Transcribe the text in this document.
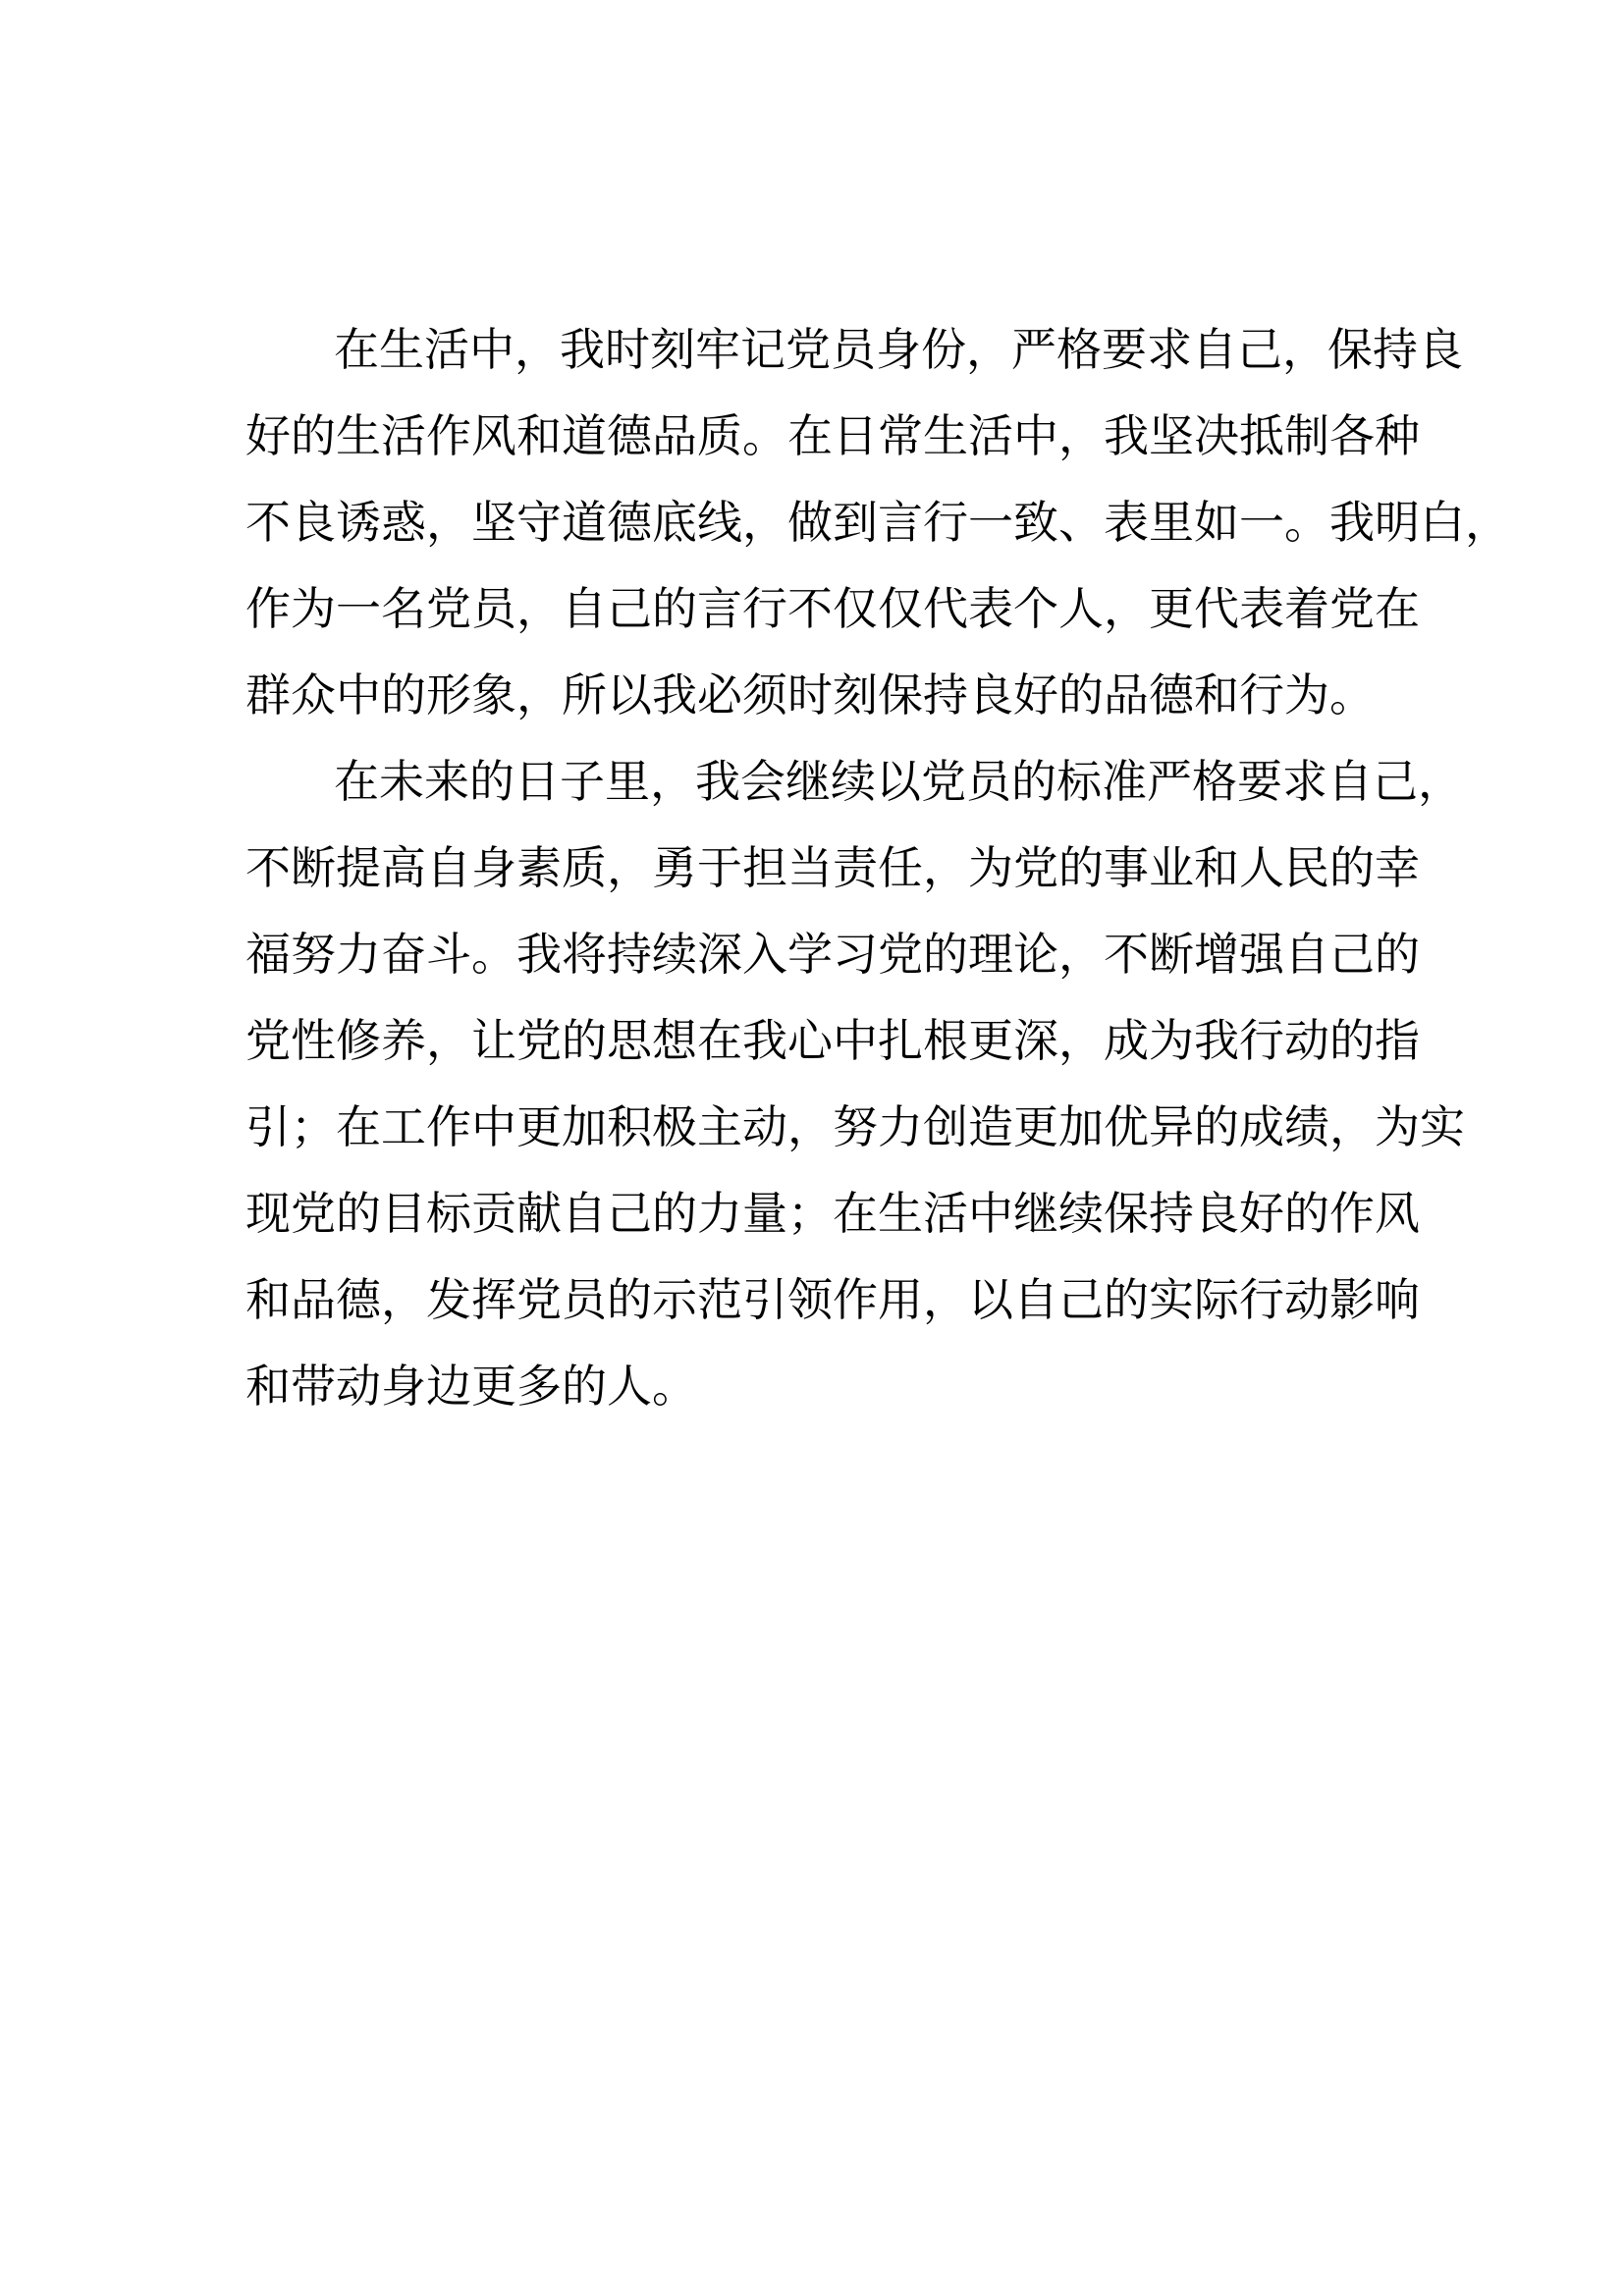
在生活中，我时刻牢记党员身份，严格要求自己，保持良
好的生活作风和道德品质。在日常生活中，我坚决抵制各种
不良诱惑，坚守道德底线，做到言行一致、表里如一。我明白，
作为一名党员，自己的言行不仅仅代表个人，更代表着党在
群众中的形象，所以我必须时刻保持良好的品德和行为。
在未来的日子里，我会继续以党员的标准严格要求自己，
不断提高自身素质，勇于担当责任，为党的事业和人民的幸
福努力奋斗。我将持续深入学习党的理论，不断增强自己的
党性修养，让党的思想在我心中扎根更深，成为我行动的指
引；在工作中更加积极主动，努力创造更加优异的成绩，为实
现党的目标贡献自己的力量；在生活中继续保持良好的作风
和品德，发挥党员的示范引领作用，以自己的实际行动影响
和带动身边更多的人。
